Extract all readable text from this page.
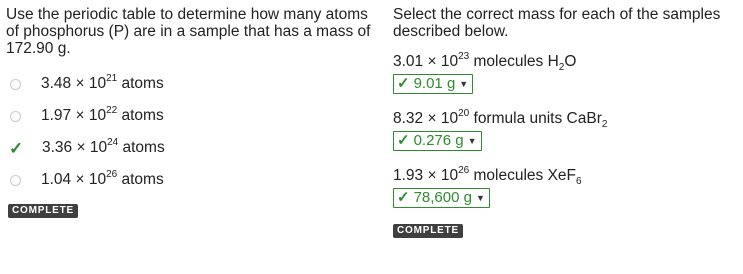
Use the periodic table to determine how many atoms of phosphorus (P) are in a sample that has a mass of 172.90 g.
$3.48 \times 10^{21}$ atoms
$1.97 \times 10^{22}$ atoms
✓ $3.36 \times 10^{24}$ atoms
$1.04 \times 10^{26}$ atoms
COMPLETE
Select the correct mass for each of the samples described below.
$3.01 \times 10^{23}$ molecules $H_2O$
✓ 9.01 g ▼
$8.32 \times 10^{20}$ formula units CaBr$_2$
✓ 0.276 g ▼
$1.93 \times 10^{26}$ molecules XeF$_6$
✓ 78,600 g ▼
COMPLETE
